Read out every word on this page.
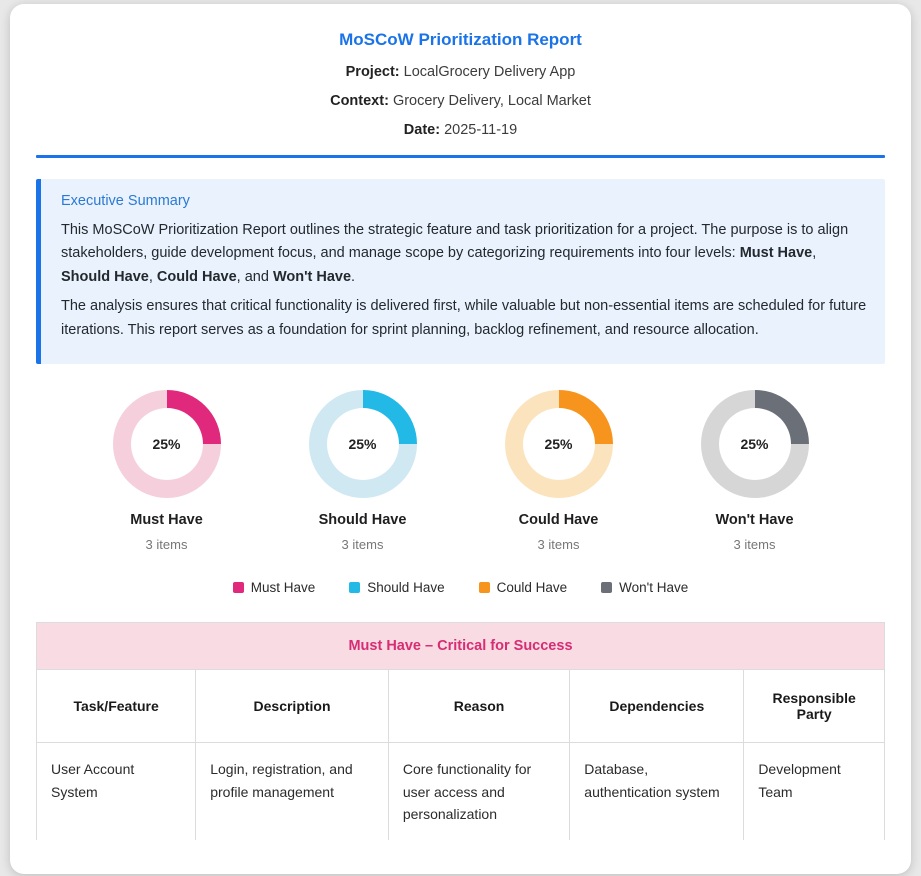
MoSCoW Prioritization Report
Project: LocalGrocery Delivery App
Context: Grocery Delivery, Local Market
Date: 2025-11-19
Executive Summary
This MoSCoW Prioritization Report outlines the strategic feature and task prioritization for a project. The purpose is to align stakeholders, guide development focus, and manage scope by categorizing requirements into four levels: Must Have, Should Have, Could Have, and Won't Have.
The analysis ensures that critical functionality is delivered first, while valuable but non-essential items are scheduled for future iterations. This report serves as a foundation for sprint planning, backlog refinement, and resource allocation.
25%
Must Have
3 items
25%
Should Have
3 items
25%
Could Have
3 items
25%
Won't Have
3 items
Must Have	Should Have	Could Have	Won't Have
Must Have – Critical for Success
Task/Feature	Description	Reason	Dependencies	Responsible Party
User Account System	Login, registration, and profile management	Core functionality for user access and personalization	Database, authentication system	Development Team
